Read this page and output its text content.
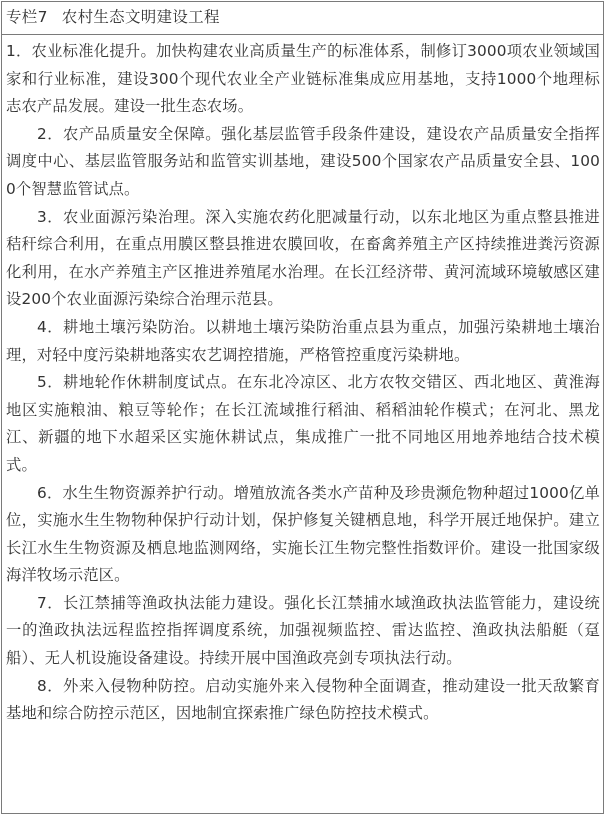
专栏7 农村生态文明建设工程

1．农业标准化提升。加快构建农业高质量生产的标准体系，制修订3000项农业领域国家和行业标准，建设300个现代农业全产业链标准集成应用基地，支持1000个地理标志农产品发展。建设一批生态农场。

2．农产品质量安全保障。强化基层监管手段条件建设，建设农产品质量安全指挥调度中心、基层监管服务站和监管实训基地，建设500个国家农产品质量安全县、1000个智慧监管试点。

3．农业面源污染治理。深入实施农药化肥减量行动，以东北地区为重点整县推进秸秆综合利用，在重点用膜区整县推进农膜回收，在畜禽养殖主产区持续推进粪污资源化利用，在水产养殖主产区推进养殖尾水治理。在长江经济带、黄河流域环境敏感区建设200个农业面源污染综合治理示范县。

4．耕地土壤污染防治。以耕地土壤污染防治重点县为重点，加强污染耕地土壤治理，对轻中度污染耕地落实农艺调控措施，严格管控重度污染耕地。

5．耕地轮作休耕制度试点。在东北冷凉区、北方农牧交错区、西北地区、黄淮海地区实施粮油、粮豆等轮作；在长江流域推行稻油、稻稻油轮作模式；在河北、黑龙江、新疆的地下水超采区实施休耕试点，集成推广一批不同地区用地养地结合技术模式。

6．水生生物资源养护行动。增殖放流各类水产苗种及珍贵濒危物种超过1000亿单位，实施水生生物物种保护行动计划，保护修复关键栖息地，科学开展迁地保护。建立长江水生生物资源及栖息地监测网络，实施长江生物完整性指数评价。建设一批国家级海洋牧场示范区。

7．长江禁捕等渔政执法能力建设。强化长江禁捕水域渔政执法监管能力，建设统一的渔政执法远程监控指挥调度系统，加强视频监控、雷达监控、渔政执法船艇（趸船）、无人机设施设备建设。持续开展中国渔政亮剑专项执法行动。

8．外来入侵物种防控。启动实施外来入侵物种全面调查，推动建设一批天敌繁育基地和综合防控示范区，因地制宜探索推广绿色防控技术模式。
